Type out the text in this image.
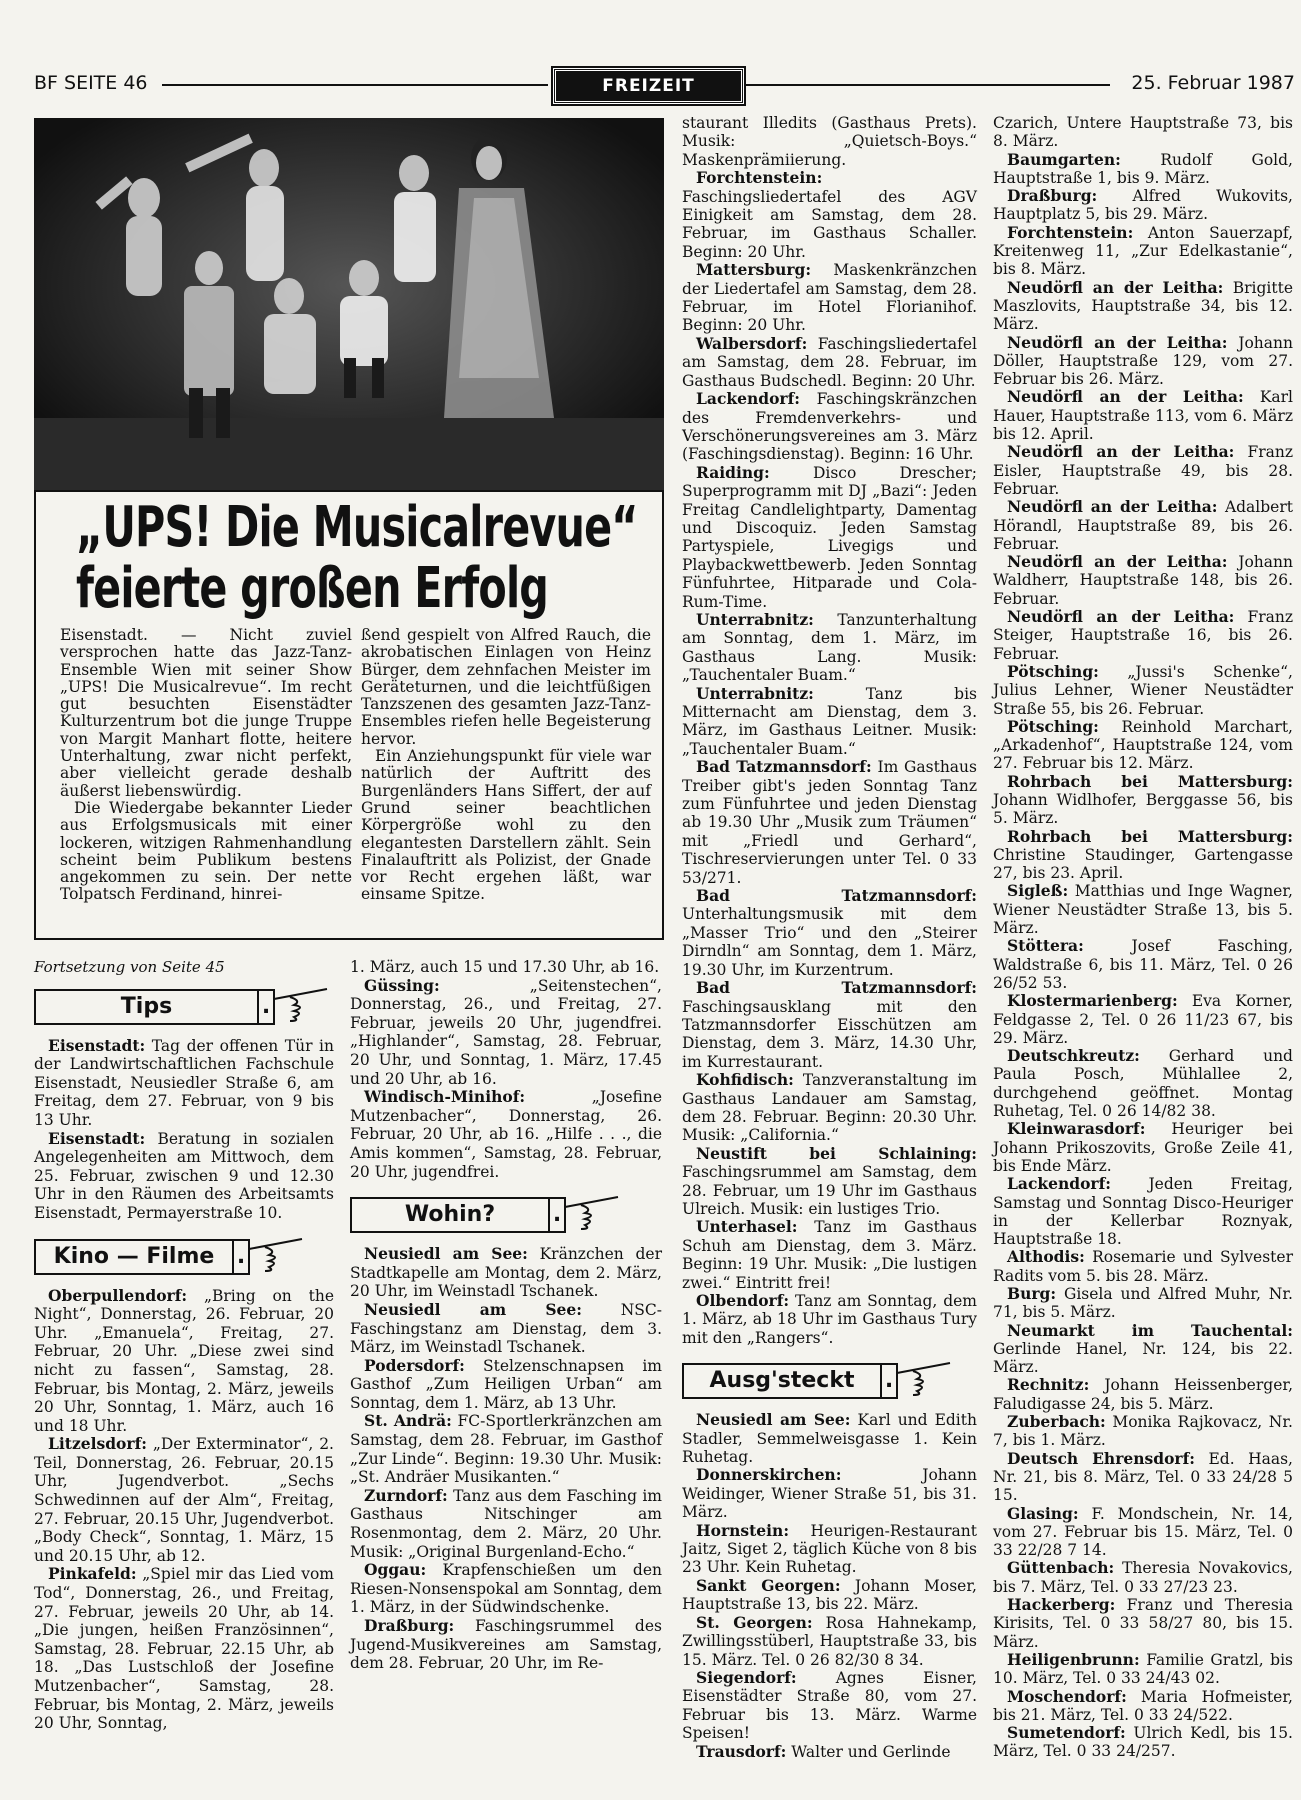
BF SEITE 46	FREIZEIT	25. Februar 1987
„UPS! Die Musicalrevue“
feierte großen Erfolg

Eisenstadt. — Nicht zuviel versprochen hatte das Jazz-Tanz-Ensemble Wien mit seiner Show „UPS! Die Musicalrevue“. Im recht gut besuchten Eisenstädter Kulturzentrum bot die junge Truppe von Margit Manhart flotte, heitere Unterhaltung, zwar nicht perfekt, aber vielleicht gerade deshalb äußerst liebenswürdig.

Die Wiedergabe bekannter Lieder aus Erfolgsmusicals mit einer lockeren, witzigen Rahmenhandlung scheint beim Publikum bestens angekommen zu sein. Der nette Tolpatsch Ferdinand, hinrei-

ßend gespielt von Alfred Rauch, die akrobatischen Einlagen von Heinz Bürger, dem zehnfachen Meister im Geräteturnen, und die leichtfüßigen Tanzszenen des gesamten Jazz-Tanz-Ensembles riefen helle Begeisterung hervor.

Ein Anziehungspunkt für viele war natürlich der Auftritt des Burgenländers Hans Siffert, der auf Grund seiner beachtlichen Körpergröße wohl zu den elegantesten Darstellern zählt. Sein Finalauftritt als Polizist, der Gnade vor Recht ergehen läßt, war einsame Spitze.

Fortsetzung von Seite 45

Tips	.

Eisenstadt: Tag der offenen Tür in der Landwirtschaftlichen Fachschule Eisenstadt, Neusiedler Straße 6, am Freitag, dem 27. Februar, von 9 bis 13 Uhr.

Eisenstadt: Beratung in sozialen Angelegenheiten am Mittwoch, dem 25. Februar, zwischen 9 und 12.30 Uhr in den Räumen des Arbeitsamts Eisenstadt, Permayerstraße 10.

Kino — Filme	.

Oberpullendorf: „Bring on the Night“, Donnerstag, 26. Februar, 20 Uhr. „Emanuela“, Freitag, 27. Februar, 20 Uhr. „Diese zwei sind nicht zu fassen“, Samstag, 28. Februar, bis Montag, 2. März, jeweils 20 Uhr, Sonntag, 1. März, auch 16 und 18 Uhr.

Litzelsdorf: „Der Exterminator“, 2. Teil, Donnerstag, 26. Februar, 20.15 Uhr, Jugendverbot. „Sechs Schwedinnen auf der Alm“, Freitag, 27. Februar, 20.15 Uhr, Jugendverbot. „Body Check“, Sonntag, 1. März, 15 und 20.15 Uhr, ab 12.

Pinkafeld: „Spiel mir das Lied vom Tod“, Donnerstag, 26., und Freitag, 27. Februar, jeweils 20 Uhr, ab 14. „Die jungen, heißen Französinnen“, Samstag, 28. Februar, 22.15 Uhr, ab 18. „Das Lustschloß der Josefine Mutzenbacher“, Samstag, 28. Februar, bis Montag, 2. März, jeweils 20 Uhr, Sonntag,

1. März, auch 15 und 17.30 Uhr, ab 16.

Güssing:	„Seitenstechen“, Donnerstag, 26., und Freitag, 27. Februar, jeweils 20 Uhr, jugendfrei. „Highlander“, Samstag, 28. Februar, 20 Uhr, und Sonntag, 1. März, 17.45 und 20 Uhr, ab 16.

Windisch-Minihof:	„Josefine Mutzenbacher“, Donnerstag, 26. Februar, 20 Uhr, ab 16. „Hilfe . . ., die Amis kommen“, Samstag, 28. Februar, 20 Uhr, jugendfrei.

Wohin?	.

Neusiedl am See: Kränzchen der Stadtkapelle am Montag, dem 2. März, 20 Uhr, im Weinstadl Tschanek.

Neusiedl am See: NSC-Faschingstanz am Dienstag, dem 3. März, im Weinstadl Tschanek.

Podersdorf: Stelzenschnapsen im Gasthof „Zum Heiligen Urban“ am Sonntag, dem 1. März, ab 13 Uhr.

St. Andrä: FC-Sportlerkränzchen am Samstag, dem 28. Februar, im Gasthof „Zur Linde“. Beginn: 19.30 Uhr. Musik: „St. Andräer Musikanten.“

Zurndorf: Tanz aus dem Fasching im Gasthaus Nitschinger am Rosenmontag, dem 2. März, 20 Uhr. Musik: „Original Burgenland-Echo.“

Oggau: Krapfenschießen um den Riesen-Nonsenspokal am Sonntag, dem 1. März, in der Südwindschenke.

Draßburg: Faschingsrummel des Jugend-Musikvereines am Samstag, dem 28. Februar, 20 Uhr, im Re-

staurant Illedits (Gasthaus Prets). Musik: „Quietsch-Boys.“ Maskenprämiierung.

Forchtenstein: Faschingsliedertafel des AGV Einigkeit am Samstag, dem 28. Februar, im Gasthaus Schaller. Beginn: 20 Uhr.

Mattersburg: Maskenkränzchen der Liedertafel am Samstag, dem 28. Februar, im Hotel Florianihof. Beginn: 20 Uhr.

Walbersdorf: Faschingsliedertafel am Samstag, dem 28. Februar, im Gasthaus Budschedl. Beginn: 20 Uhr.

Lackendorf: Faschingskränzchen des Fremdenverkehrs- und Verschönerungsvereines am 3. März (Faschingsdienstag). Beginn: 16 Uhr.

Raiding:	Disco Drescher; Superprogramm mit DJ „Bazi“: Jeden Freitag Candlelightparty, Damentag und Discoquiz. Jeden Samstag Partyspiele, Livegigs und Playbackwettbewerb. Jeden Sonntag Fünfuhrtee, Hitparade und Cola-Rum-Time.

Unterrabnitz: Tanzunterhaltung am Sonntag, dem 1. März, im Gasthaus Lang. Musik: „Tauchentaler Buam.“

Unterrabnitz:	Tanz bis Mitternacht am Dienstag, dem 3. März, im Gasthaus Leitner. Musik: „Tauchentaler Buam.“

Bad Tatzmannsdorf: Im Gasthaus Treiber gibt's jeden Sonntag Tanz zum Fünfuhrtee und jeden Dienstag ab 19.30 Uhr „Musik zum Träumen“ mit „Friedl und Gerhard“, Tischreservierungen unter Tel. 0 33 53/271.

Bad Tatzmannsdorf: Unterhaltungsmusik mit dem „Masser Trio“ und den „Steirer Dirndln“ am Sonntag, dem 1. März, 19.30 Uhr, im Kurzentrum.

Bad Tatzmannsdorf: Faschingsausklang mit den Tatzmannsdorfer Eisschützen am Dienstag, dem 3. März, 14.30 Uhr, im Kurrestaurant.

Kohfidisch: Tanzveranstaltung im Gasthaus Landauer am Samstag, dem 28. Februar. Beginn: 20.30 Uhr. Musik: „California.“

Neustift bei Schlaining: Faschingsrummel am Samstag, dem 28. Februar, um 19 Uhr im Gasthaus Ulreich. Musik: ein lustiges Trio.

Unterhasel: Tanz im Gasthaus Schuh am Dienstag, dem 3. März. Beginn: 19 Uhr. Musik: „Die lustigen zwei.“ Eintritt frei!

Olbendorf: Tanz am Sonntag, dem 1. März, ab 18 Uhr im Gasthaus Tury mit den „Rangers“.

Ausg'steckt	.

Neusiedl am See: Karl und Edith Stadler, Semmelweisgasse 1. Kein Ruhetag.

Donnerskirchen:	Johann Weidinger, Wiener Straße 51, bis 31. März.

Hornstein: Heurigen-Restaurant Jaitz, Siget 2, täglich Küche von 8 bis 23 Uhr. Kein Ruhetag.

Sankt Georgen: Johann Moser, Hauptstraße 13, bis 22. März.

St. Georgen: Rosa Hahnekamp, Zwillingsstüberl, Hauptstraße 33, bis 15. März. Tel. 0 26 82/30 8 34.

Siegendorf:	Agnes Eisner, Eisenstädter Straße 80, vom 27. Februar bis 13. März. Warme Speisen!

Trausdorf: Walter und Gerlinde

Czarich, Untere Hauptstraße 73, bis 8. März.

Baumgarten:	Rudolf Gold, Hauptstraße 1, bis 9. März.

Draßburg: Alfred Wukovits, Hauptplatz 5, bis 29. März.

Forchtenstein: Anton Sauerzapf, Kreitenweg 11, „Zur Edelkastanie“, bis 8. März.

Neudörfl an der Leitha: Brigitte Maszlovits, Hauptstraße 34, bis 12. März.

Neudörfl an der Leitha: Johann Döller, Hauptstraße 129, vom 27. Februar bis 26. März.

Neudörfl an der Leitha: Karl Hauer, Hauptstraße 113, vom 6. März bis 12. April.

Neudörfl an der Leitha: Franz Eisler, Hauptstraße 49, bis 28. Februar.

Neudörfl an der Leitha: Adalbert Hörandl, Hauptstraße 89, bis 26. Februar.

Neudörfl an der Leitha: Johann Waldherr, Hauptstraße 148, bis 26. Februar.

Neudörfl an der Leitha: Franz Steiger, Hauptstraße 16, bis 26. Februar.

Pötsching: „Jussi's Schenke“, Julius Lehner, Wiener Neustädter Straße 55, bis 26. Februar.

Pötsching: Reinhold Marchart, „Arkadenhof“, Hauptstraße 124, vom 27. Februar bis 12. März.

Rohrbach bei Mattersburg: Johann Widlhofer, Berggasse 56, bis 5. März.

Rohrbach bei Mattersburg: Christine Staudinger, Gartengasse 27, bis 23. April.

Sigleß: Matthias und Inge Wagner, Wiener Neustädter Straße 13, bis 5. März.

Stöttera:	Josef Fasching, Waldstraße 6, bis 11. März, Tel. 0 26 26/52 53.

Klostermarienberg: Eva Korner, Feldgasse 2, Tel. 0 26 11/23 67, bis 29. März.

Deutschkreutz: Gerhard und Paula Posch, Mühlallee 2, durchgehend geöffnet. Montag Ruhetag, Tel. 0 26 14/82 38.

Kleinwarasdorf: Heuriger bei Johann Prikoszovits, Große Zeile 41, bis Ende März.

Lackendorf: Jeden Freitag, Samstag und Sonntag Disco-Heuriger in der Kellerbar Roznyak, Hauptstraße 18.

Althodis: Rosemarie und Sylvester Radits vom 5. bis 28. März.

Burg: Gisela und Alfred Muhr, Nr. 71, bis 5. März.

Neumarkt im Tauchental: Gerlinde Hanel, Nr. 124, bis 22. März.

Rechnitz: Johann Heissenberger, Faludigasse 24, bis 5. März.

Zuberbach: Monika Rajkovacz, Nr. 7, bis 1. März.

Deutsch Ehrensdorf: Ed. Haas, Nr. 21, bis 8. März, Tel. 0 33 24/28 5 15.

Glasing: F. Mondschein, Nr. 14, vom 27. Februar bis 15. März, Tel. 0 33 22/28 7 14.

Güttenbach: Theresia Novakovics, bis 7. März, Tel. 0 33 27/23 23.

Hackerberg: Franz und Theresia Kirisits, Tel. 0 33 58/27 80, bis 15. März.

Heiligenbrunn: Familie Gratzl, bis 10. März, Tel. 0 33 24/43 02.

Moschendorf: Maria Hofmeister, bis 21. März, Tel. 0 33 24/522.

Sumetendorf: Ulrich Kedl, bis 15. März, Tel. 0 33 24/257.
